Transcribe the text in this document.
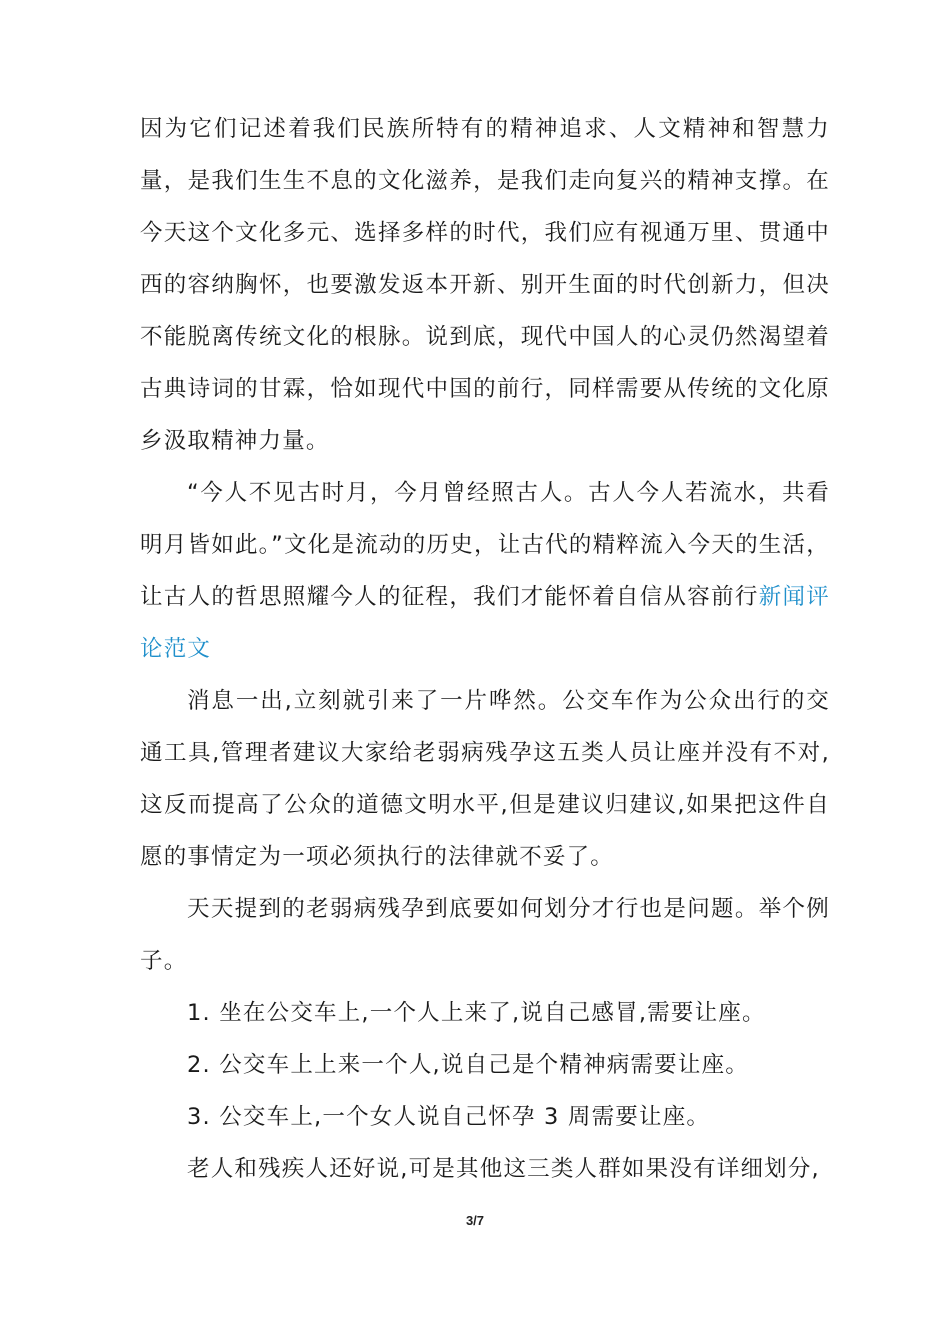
因为它们记述着我们民族所特有的精神追求、人文精神和智慧力量，是我们生生不息的文化滋养，是我们走向复兴的精神支撑。在今天这个文化多元、选择多样的时代，我们应有视通万里、贯通中西的容纳胸怀，也要激发返本开新、别开生面的时代创新力，但决不能脱离传统文化的根脉。说到底，现代中国人的心灵仍然渴望着古典诗词的甘霖，恰如现代中国的前行，同样需要从传统的文化原乡汲取精神力量。

“今人不见古时月，今月曾经照古人。古人今人若流水，共看明月皆如此。”文化是流动的历史，让古代的精粹流入今天的生活，让古人的哲思照耀今人的征程，我们才能怀着自信从容前行新闻评论范文

消息一出,立刻就引来了一片哗然。公交车作为公众出行的交通工具,管理者建议大家给老弱病残孕这五类人员让座并没有不对,这反而提高了公众的道德文明水平,但是建议归建议,如果把这件自愿的事情定为一项必须执行的法律就不妥了。

天天提到的老弱病残孕到底要如何划分才行也是问题。举个例子。

1. 坐在公交车上,一个人上来了,说自己感冒,需要让座。

2. 公交车上上来一个人,说自己是个精神病需要让座。

3. 公交车上,一个女人说自己怀孕 3 周需要让座。

老人和残疾人还好说,可是其他这三类人群如果没有详细划分,

3/7
